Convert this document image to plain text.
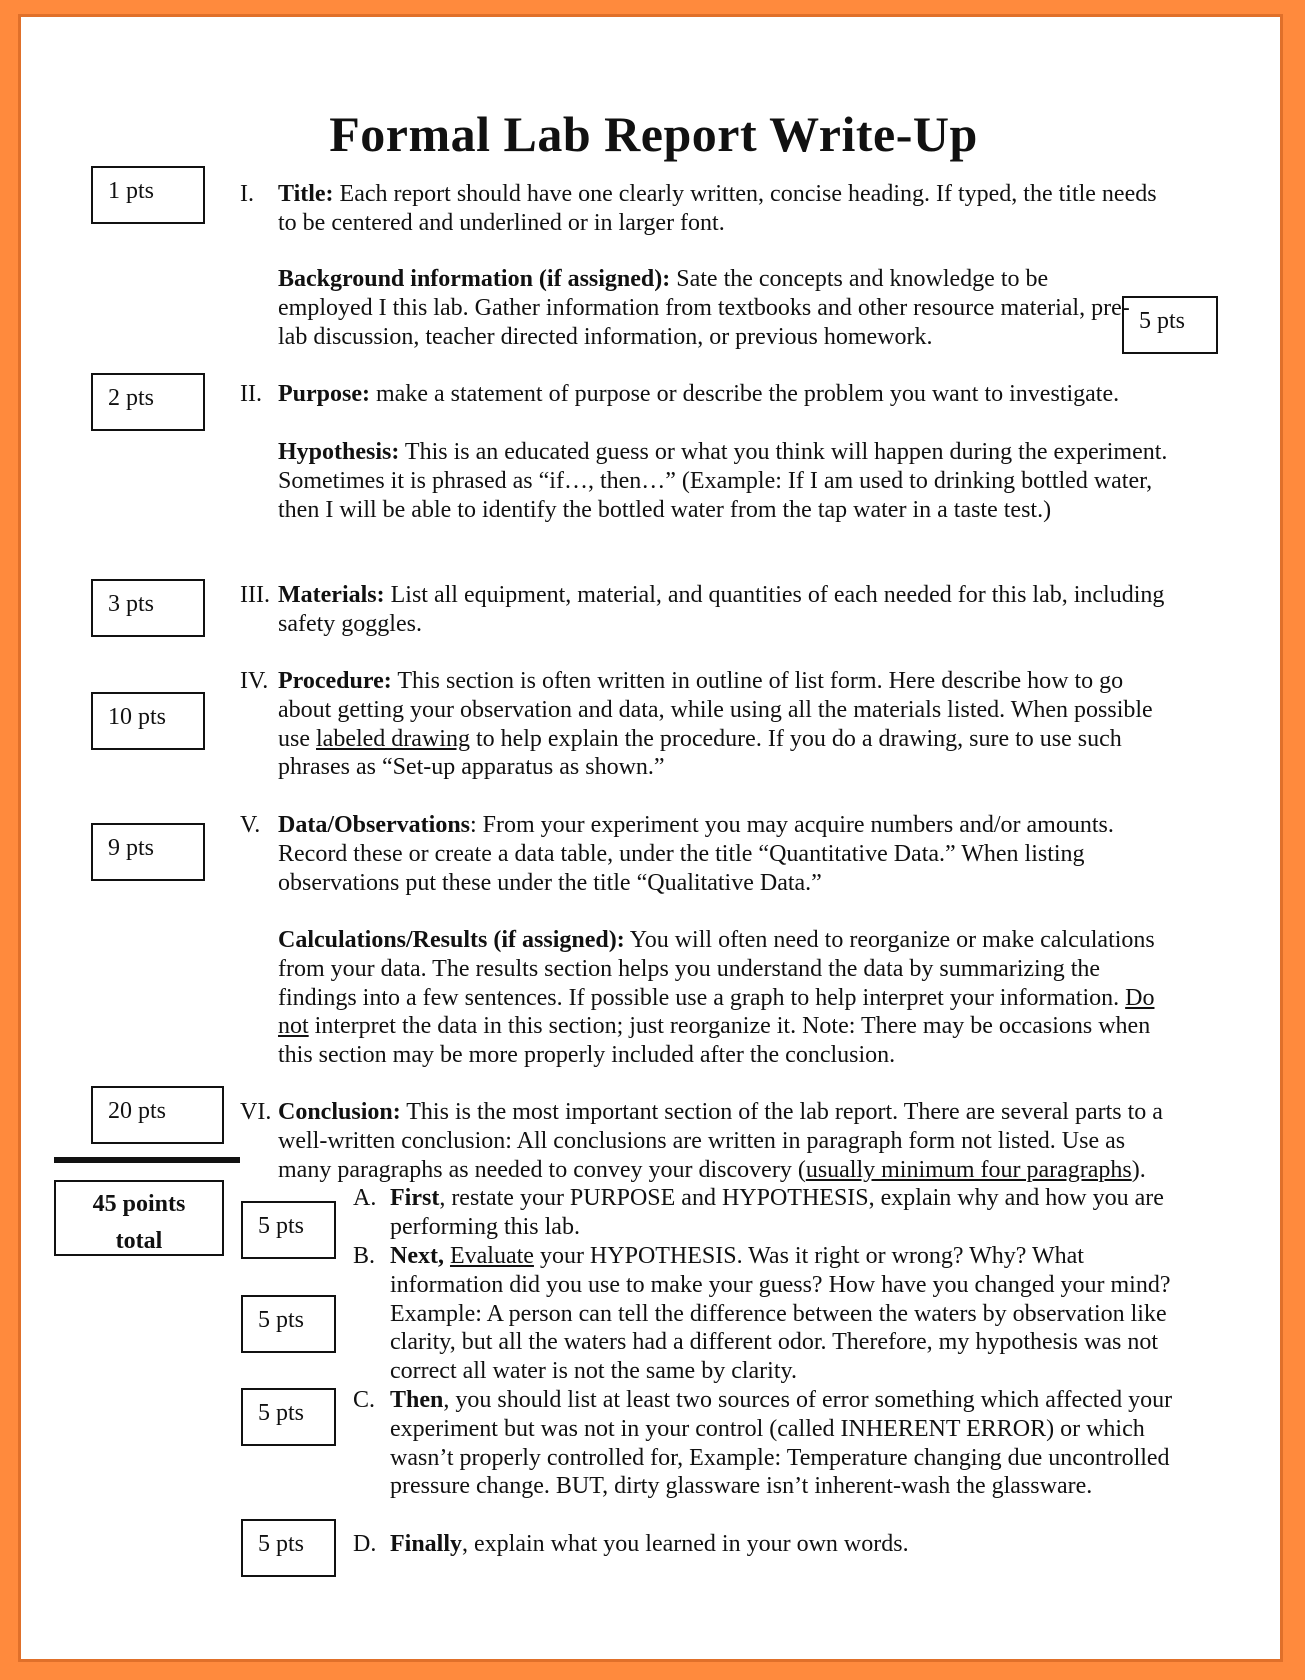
Formal Lab Report Write-Up
1 pts
5 pts
2 pts
3 pts
10 pts
9 pts
20 pts
45 points
total
5 pts
5 pts
5 pts
5 pts
I. Title: Each report should have one clearly written, concise heading. If typed, the title needs to be centered and underlined or in larger font.
Background information (if assigned): Sate the concepts and knowledge to be employed I this lab. Gather information from textbooks and other resource material, pre-lab discussion, teacher directed information, or previous homework.
II. Purpose: make a statement of purpose or describe the problem you want to investigate.
Hypothesis: This is an educated guess or what you think will happen during the experiment. Sometimes it is phrased as “if…, then…” (Example: If I am used to drinking bottled water, then I will be able to identify the bottled water from the tap water in a taste test.)
III. Materials: List all equipment, material, and quantities of each needed for this lab, including safety goggles.
IV. Procedure: This section is often written in outline of list form. Here describe how to go about getting your observation and data, while using all the materials listed. When possible use labeled drawing to help explain the procedure. If you do a drawing, sure to use such phrases as “Set-up apparatus as shown.”
V. Data/Observations: From your experiment you may acquire numbers and/or amounts. Record these or create a data table, under the title “Quantitative Data.” When listing observations put these under the title “Qualitative Data.”
Calculations/Results (if assigned): You will often need to reorganize or make calculations from your data. The results section helps you understand the data by summarizing the findings into a few sentences. If possible use a graph to help interpret your information. Do not interpret the data in this section; just reorganize it. Note: There may be occasions when this section may be more properly included after the conclusion.
VI. Conclusion: This is the most important section of the lab report. There are several parts to a well-written conclusion: All conclusions are written in paragraph form not listed. Use as many paragraphs as needed to convey your discovery (usually minimum four paragraphs).
A. First, restate your PURPOSE and HYPOTHESIS, explain why and how you are performing this lab.
B. Next, Evaluate your HYPOTHESIS. Was it right or wrong? Why? What information did you use to make your guess? How have you changed your mind? Example: A person can tell the difference between the waters by observation like clarity, but all the waters had a different odor. Therefore, my hypothesis was not correct all water is not the same by clarity.
C. Then, you should list at least two sources of error something which affected your experiment but was not in your control (called INHERENT ERROR) or which wasn’t properly controlled for, Example: Temperature changing due uncontrolled pressure change. BUT, dirty glassware isn’t inherent-wash the glassware.
D. Finally, explain what you learned in your own words.
